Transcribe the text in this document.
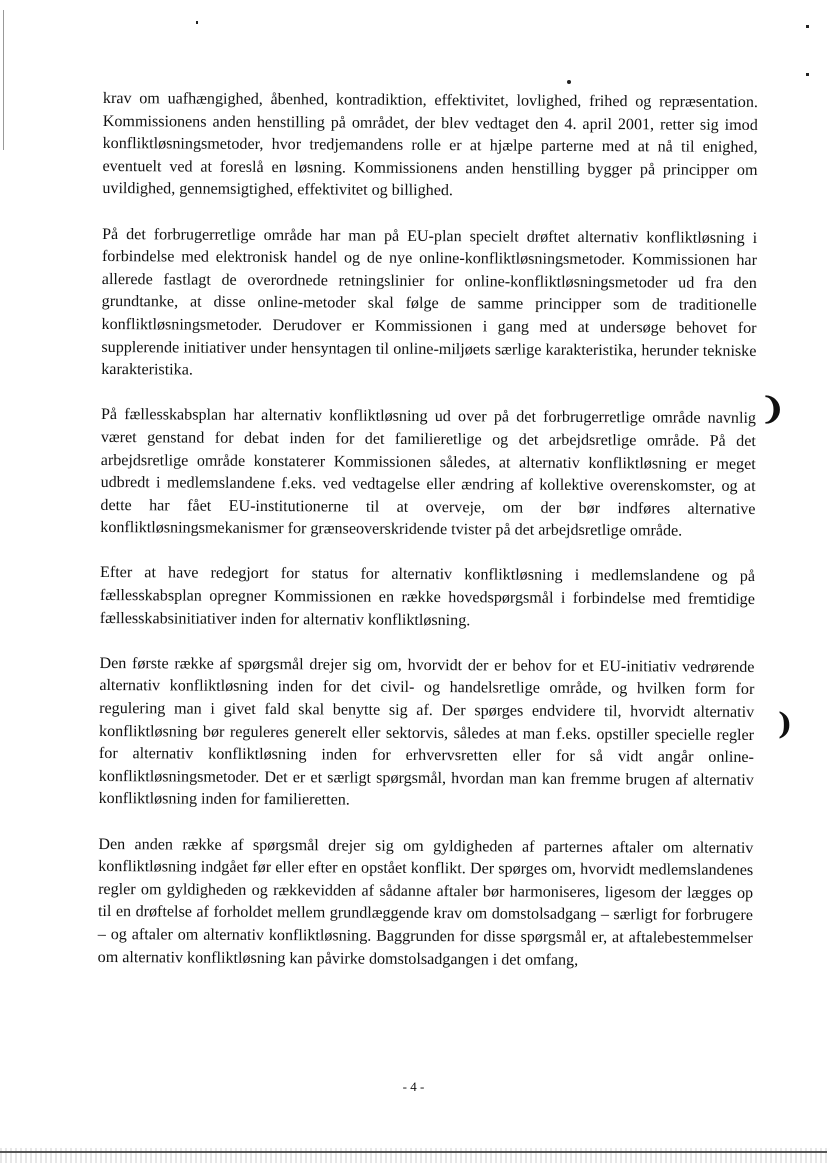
❩
)

krav om uafhængighed, åbenhed, kontradiktion, effektivitet, lovlighed, frihed og repræsentation. Kommissionens anden henstilling på området, der blev vedtaget den 4. april 2001, retter sig imod konfliktløsningsmetoder, hvor tredjemandens rolle er at hjælpe parterne med at nå til enighed, eventuelt ved at foreslå en løsning. Kommissionens anden henstilling bygger på principper om uvildighed, gennemsigtighed, effektivitet og billighed.

På det forbrugerretlige område har man på EU-plan specielt drøftet alternativ konfliktløsning i forbindelse med elektronisk handel og de nye online-konfliktløsningsmetoder. Kommissionen har allerede fastlagt de overordnede retningslinier for online-konfliktløsningsmetoder ud fra den grundtanke, at disse online-metoder skal følge de samme principper som de traditionelle konfliktløsningsmetoder. Derudover er Kommissionen i gang med at undersøge behovet for supplerende initiativer under hensyntagen til online-miljøets særlige karakteristika, herunder tekniske karakteristika.

På fællesskabsplan har alternativ konfliktløsning ud over på det forbrugerretlige område navnlig været genstand for debat inden for det familieretlige og det arbejdsretlige område. På det arbejdsretlige område konstaterer Kommissionen således, at alternativ konfliktløsning er meget udbredt i medlemslandene f.eks. ved vedtagelse eller ændring af kollektive overenskomster, og at dette har fået EU-institutionerne til at overveje, om der bør indføres alternative konfliktløsningsmekanismer for grænseoverskridende tvister på det arbejdsretlige område.

Efter at have redegjort for status for alternativ konfliktløsning i medlemslandene og på fællesskabsplan opregner Kommissionen en række hovedspørgsmål i forbindelse med fremtidige fællesskabsinitiativer inden for alternativ konfliktløsning.

Den første række af spørgsmål drejer sig om, hvorvidt der er behov for et EU-initiativ vedrørende alternativ konfliktløsning inden for det civil- og handelsretlige område, og hvilken form for regulering man i givet fald skal benytte sig af. Der spørges endvidere til, hvorvidt alternativ konfliktløsning bør reguleres generelt eller sektorvis, således at man f.eks. opstiller specielle regler for alternativ konfliktløsning inden for erhvervsretten eller for så vidt angår online-konfliktløsningsmetoder. Det er et særligt spørgsmål, hvordan man kan fremme brugen af alternativ konfliktløsning inden for familieretten.

Den anden række af spørgsmål drejer sig om gyldigheden af parternes aftaler om alternativ konfliktløsning indgået før eller efter en opstået konflikt. Der spørges om, hvorvidt medlemslandenes regler om gyldigheden og rækkevidden af sådanne aftaler bør harmoniseres, ligesom der lægges op til en drøftelse af forholdet mellem grundlæggende krav om domstolsadgang – særligt for forbrugere – og aftaler om alternativ konfliktløsning. Baggrunden for disse spørgsmål er, at aftalebestemmelser om alternativ konfliktløsning kan påvirke domstolsadgangen i det omfang,

- 4 -
